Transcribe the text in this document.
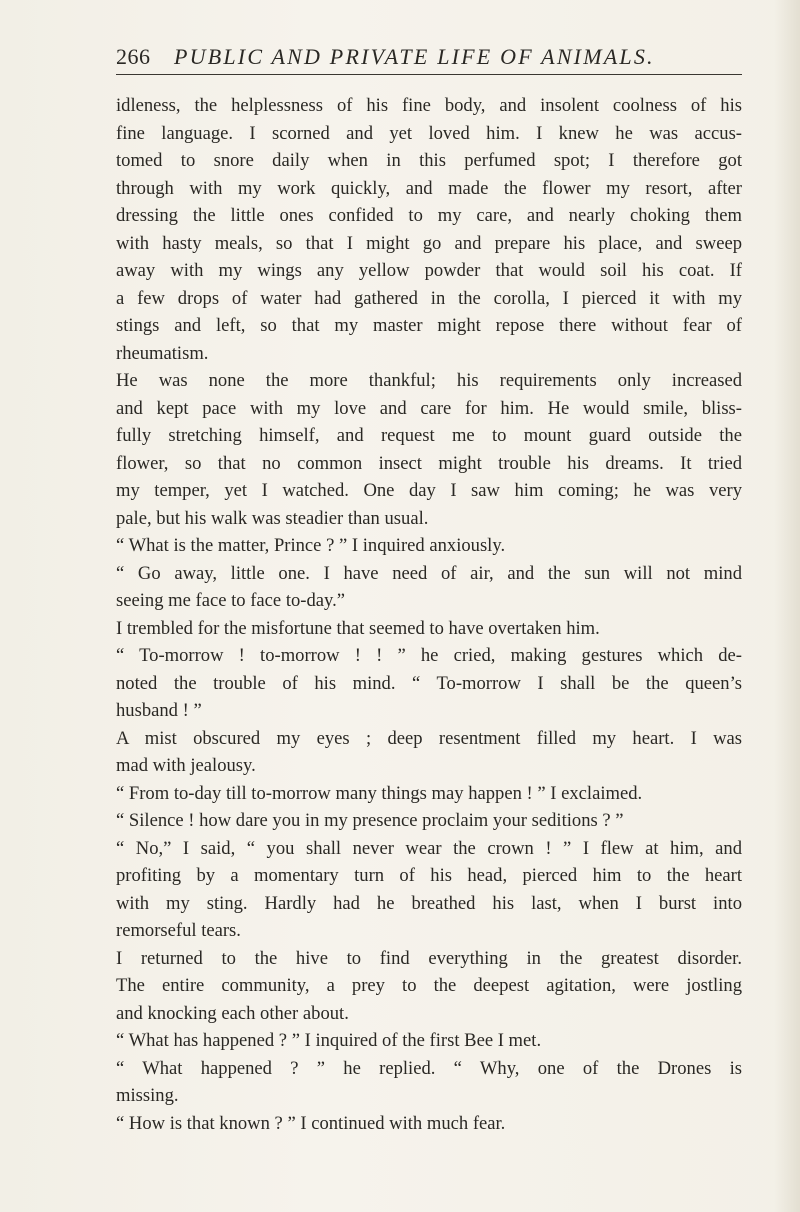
266 PUBLIC AND PRIVATE LIFE OF ANIMALS.
idleness, the helplessness of his fine body, and insolent coolness of his
fine language. I scorned and yet loved him. I knew he was accus-
tomed to snore daily when in this perfumed spot; I therefore got
through with my work quickly, and made the flower my resort, after
dressing the little ones confided to my care, and nearly choking them
with hasty meals, so that I might go and prepare his place, and sweep
away with my wings any yellow powder that would soil his coat. If
a few drops of water had gathered in the corolla, I pierced it with my
stings and left, so that my master might repose there without fear of
rheumatism.
He was none the more thankful; his requirements only increased
and kept pace with my love and care for him. He would smile, bliss-
fully stretching himself, and request me to mount guard outside the
flower, so that no common insect might trouble his dreams. It tried
my temper, yet I watched. One day I saw him coming; he was very
pale, but his walk was steadier than usual.
“ What is the matter, Prince ? ” I inquired anxiously.
“ Go away, little one. I have need of air, and the sun will not mind
seeing me face to face to-day.”
I trembled for the misfortune that seemed to have overtaken him.
“ To-morrow ! to-morrow ! ! ” he cried, making gestures which de-
noted the trouble of his mind. “ To-morrow I shall be the queen’s
husband ! ”
A mist obscured my eyes ; deep resentment filled my heart. I was
mad with jealousy.
“ From to-day till to-morrow many things may happen ! ” I exclaimed.
“ Silence ! how dare you in my presence proclaim your seditions ? ”
“ No,” I said, “ you shall never wear the crown ! ” I flew at him, and
profiting by a momentary turn of his head, pierced him to the heart
with my sting. Hardly had he breathed his last, when I burst into
remorseful tears.
I returned to the hive to find everything in the greatest disorder.
The entire community, a prey to the deepest agitation, were jostling
and knocking each other about.
“ What has happened ? ” I inquired of the first Bee I met.
“ What happened ? ” he replied. “ Why, one of the Drones is
missing.
“ How is that known ? ” I continued with much fear.
